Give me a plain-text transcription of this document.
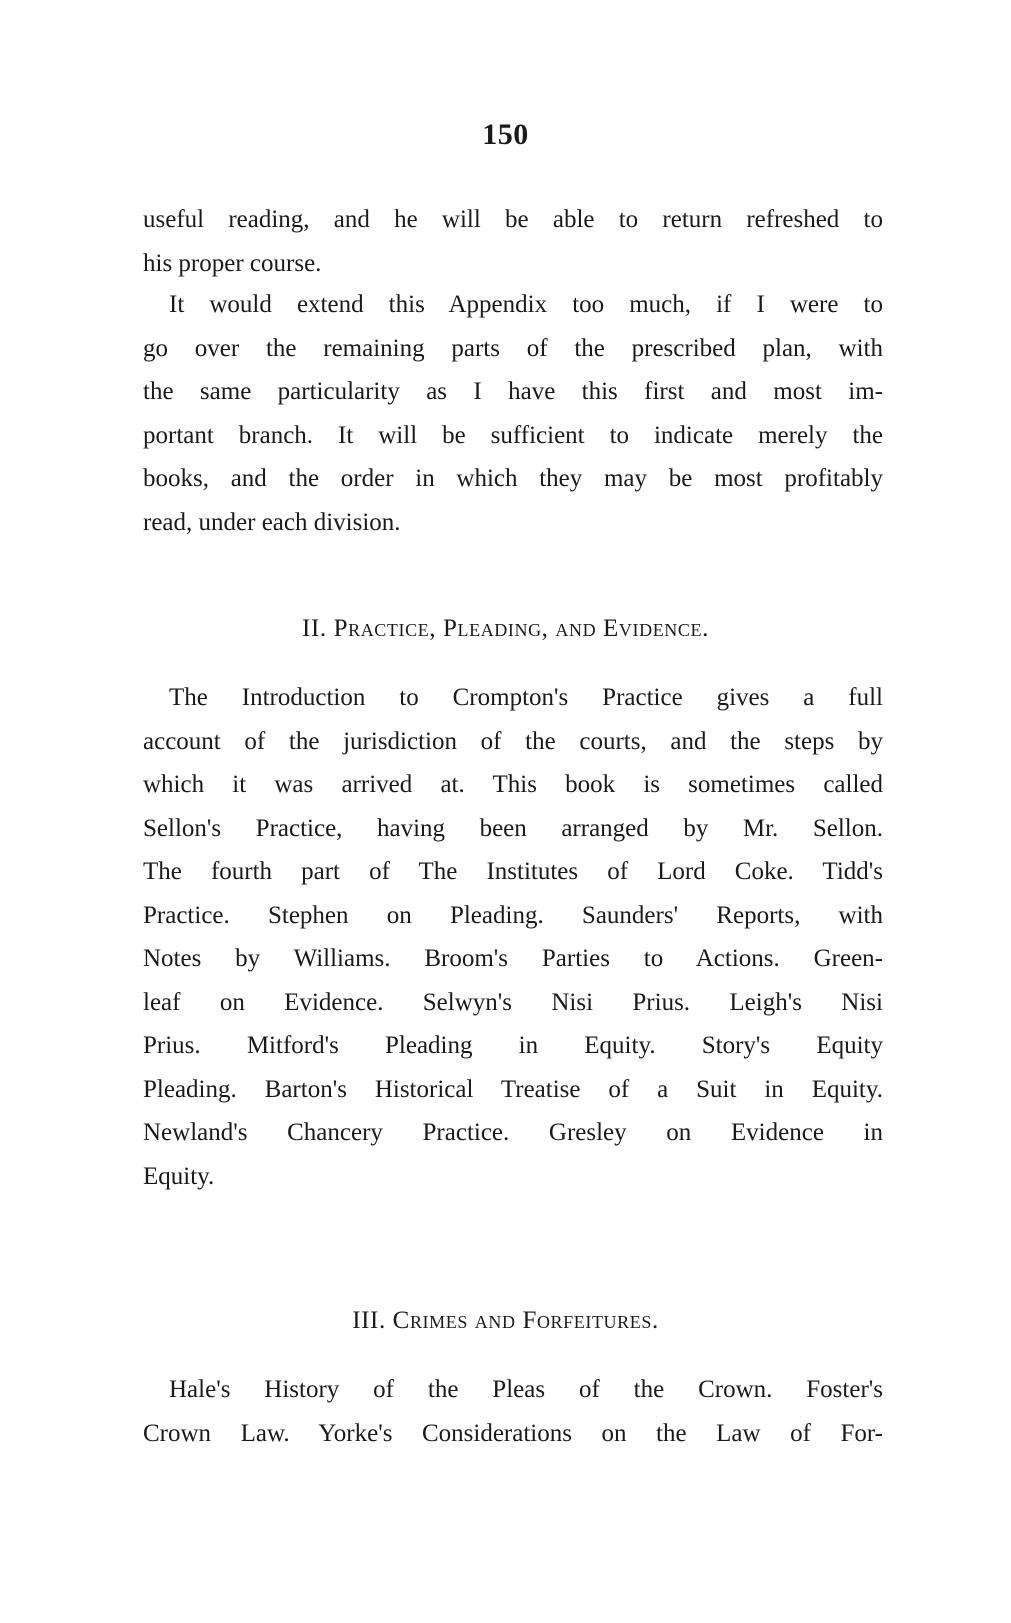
150
useful reading, and he will be able to return refreshed to
his proper course.
It would extend this Appendix too much, if I were to
go over the remaining parts of the prescribed plan, with
the same particularity as I have this first and most im-
portant branch. It will be sufficient to indicate merely the
books, and the order in which they may be most profitably
read, under each division.
II. Practice, Pleading, and Evidence.
The Introduction to Crompton's Practice gives a full
account of the jurisdiction of the courts, and the steps by
which it was arrived at. This book is sometimes called
Sellon's Practice, having been arranged by Mr. Sellon.
The fourth part of The Institutes of Lord Coke. Tidd's
Practice. Stephen on Pleading. Saunders' Reports, with
Notes by Williams. Broom's Parties to Actions. Green-
leaf on Evidence. Selwyn's Nisi Prius. Leigh's Nisi
Prius. Mitford's Pleading in Equity. Story's Equity
Pleading. Barton's Historical Treatise of a Suit in Equity.
Newland's Chancery Practice. Gresley on Evidence in
Equity.
III. Crimes and Forfeitures.
Hale's History of the Pleas of the Crown. Foster's
Crown Law. Yorke's Considerations on the Law of For-
